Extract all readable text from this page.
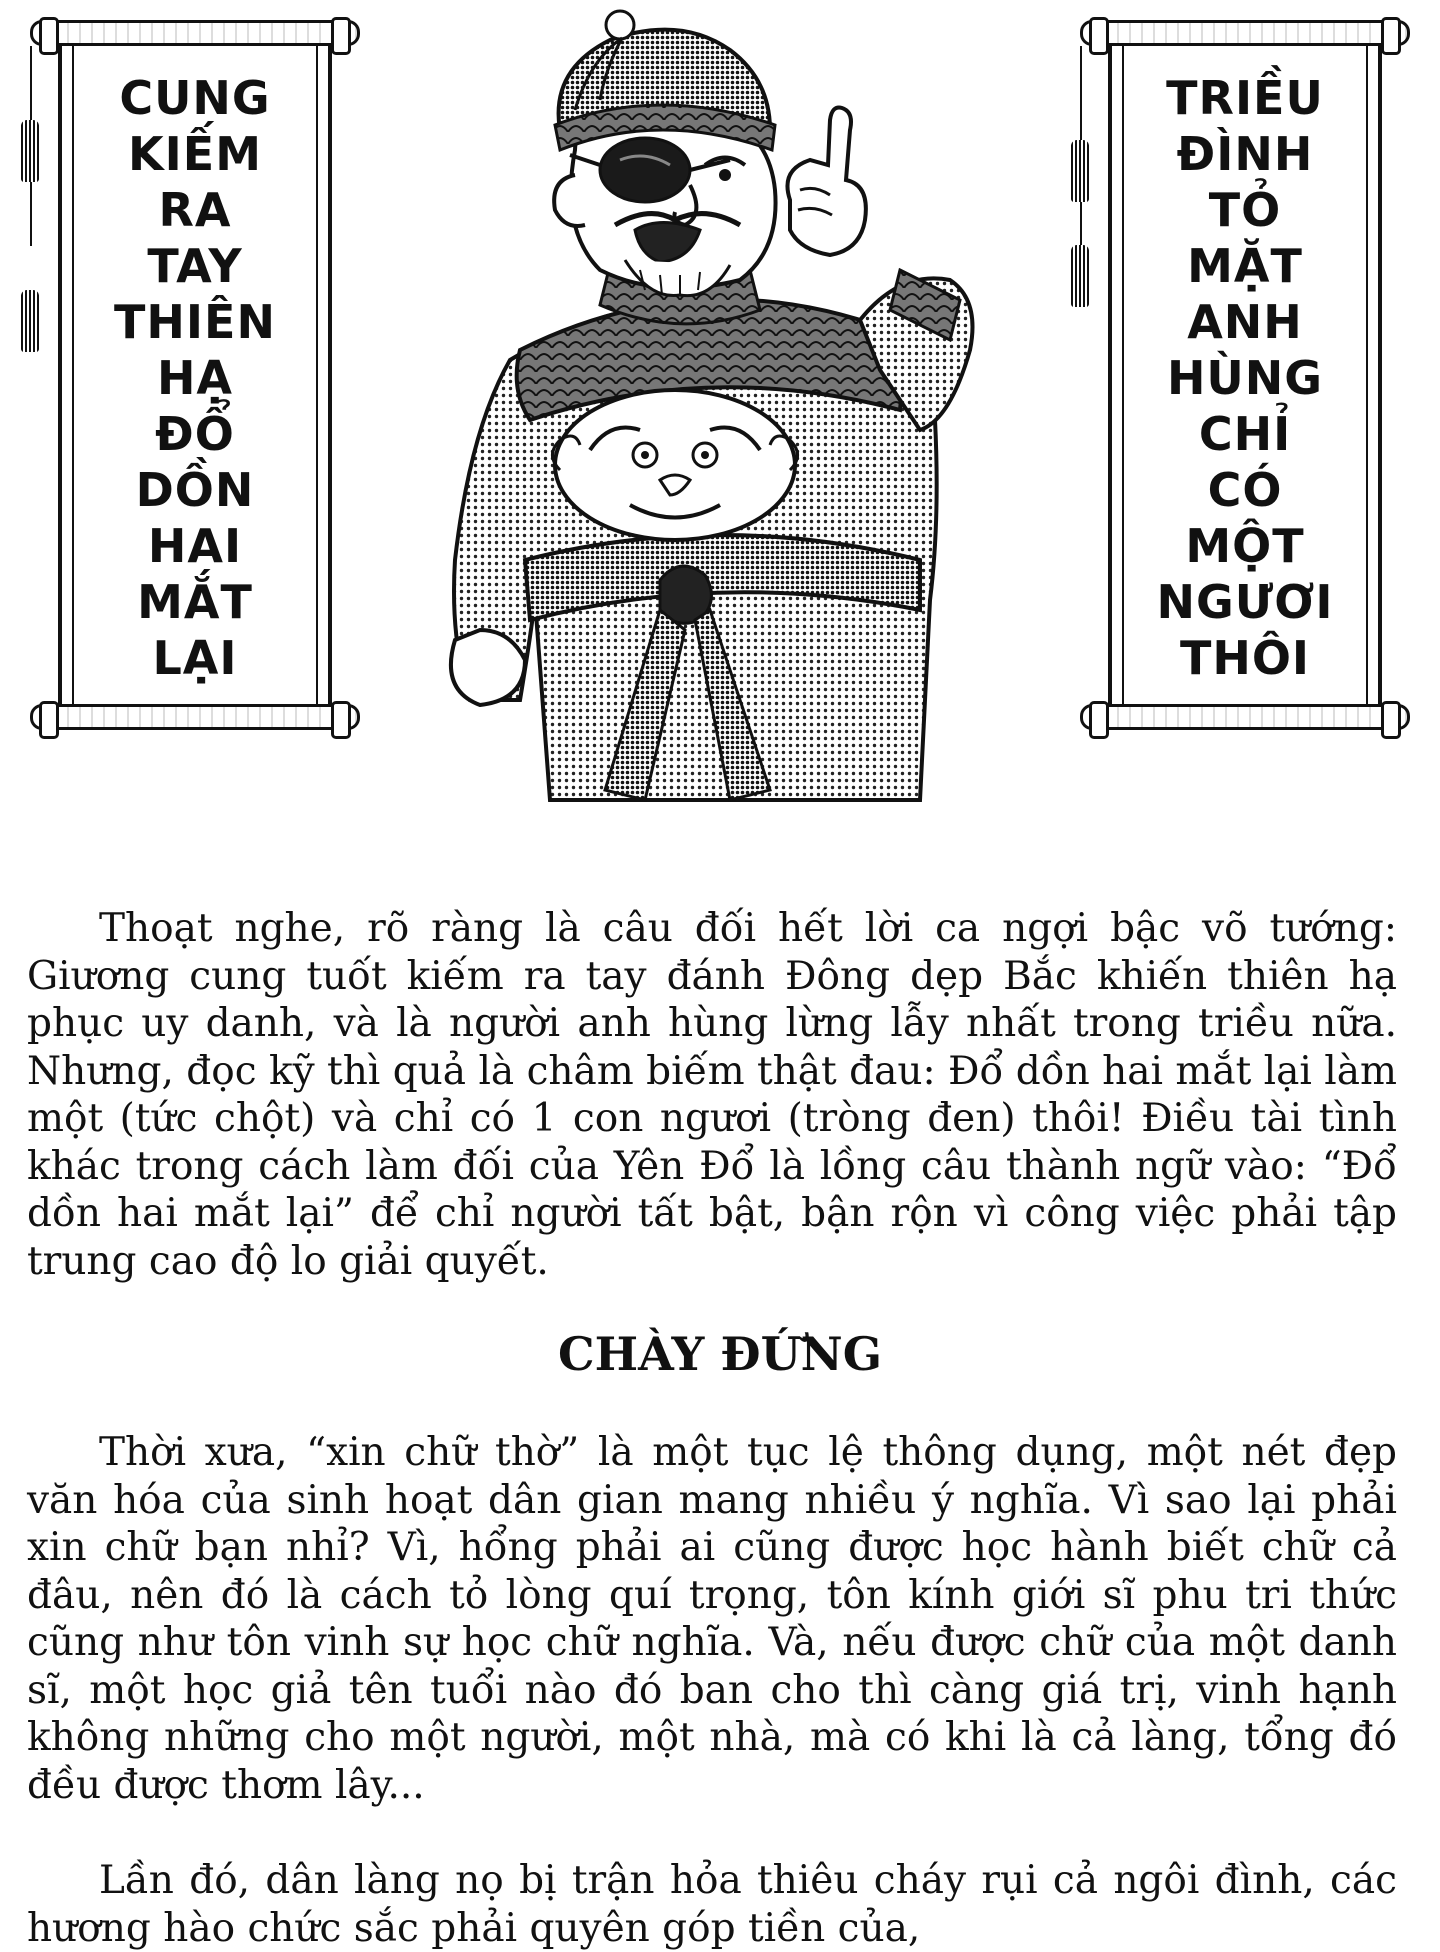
CUNG
KIẾM
RA
TAY
THIÊN
HẠ
ĐỔ
DỒN
HAI
MẮT
LẠI
TRIỀU
ĐÌNH
TỎ
MẶT
ANH
HÙNG
CHỈ
CÓ
MỘT
NGƯƠI
THÔI

Thoạt nghe, rõ ràng là câu đối hết lời ca ngợi bậc võ tướng: Giương cung tuốt kiếm ra tay đánh Đông dẹp Bắc khiến thiên hạ phục uy danh, và là người anh hùng lừng lẫy nhất trong triều nữa. Nhưng, đọc kỹ thì quả là châm biếm thật đau: Đổ dồn hai mắt lại làm một (tức chột) và chỉ có 1 con ngươi (tròng đen) thôi! Điều tài tình khác trong cách làm đối của Yên Đổ là lồng câu thành ngữ vào: “Đổ dồn hai mắt lại” để chỉ người tất bật, bận rộn vì công việc phải tập trung cao độ lo giải quyết.

CHÀY ĐỨNG

Thời xưa, “xin chữ thờ” là một tục lệ thông dụng, một nét đẹp văn hóa của sinh hoạt dân gian mang nhiều ý nghĩa. Vì sao lại phải xin chữ bạn nhỉ? Vì, hổng phải ai cũng được học hành biết chữ cả đâu, nên đó là cách tỏ lòng quí trọng, tôn kính giới sĩ phu tri thức cũng như tôn vinh sự học chữ nghĩa. Và, nếu được chữ của một danh sĩ, một học giả tên tuổi nào đó ban cho thì càng giá trị, vinh hạnh không những cho một người, một nhà, mà có khi là cả làng, tổng đó đều được thơm lây...

Lần đó, dân làng nọ bị trận hỏa thiêu cháy rụi cả ngôi đình, các hương hào chức sắc phải quyên góp tiền của,
